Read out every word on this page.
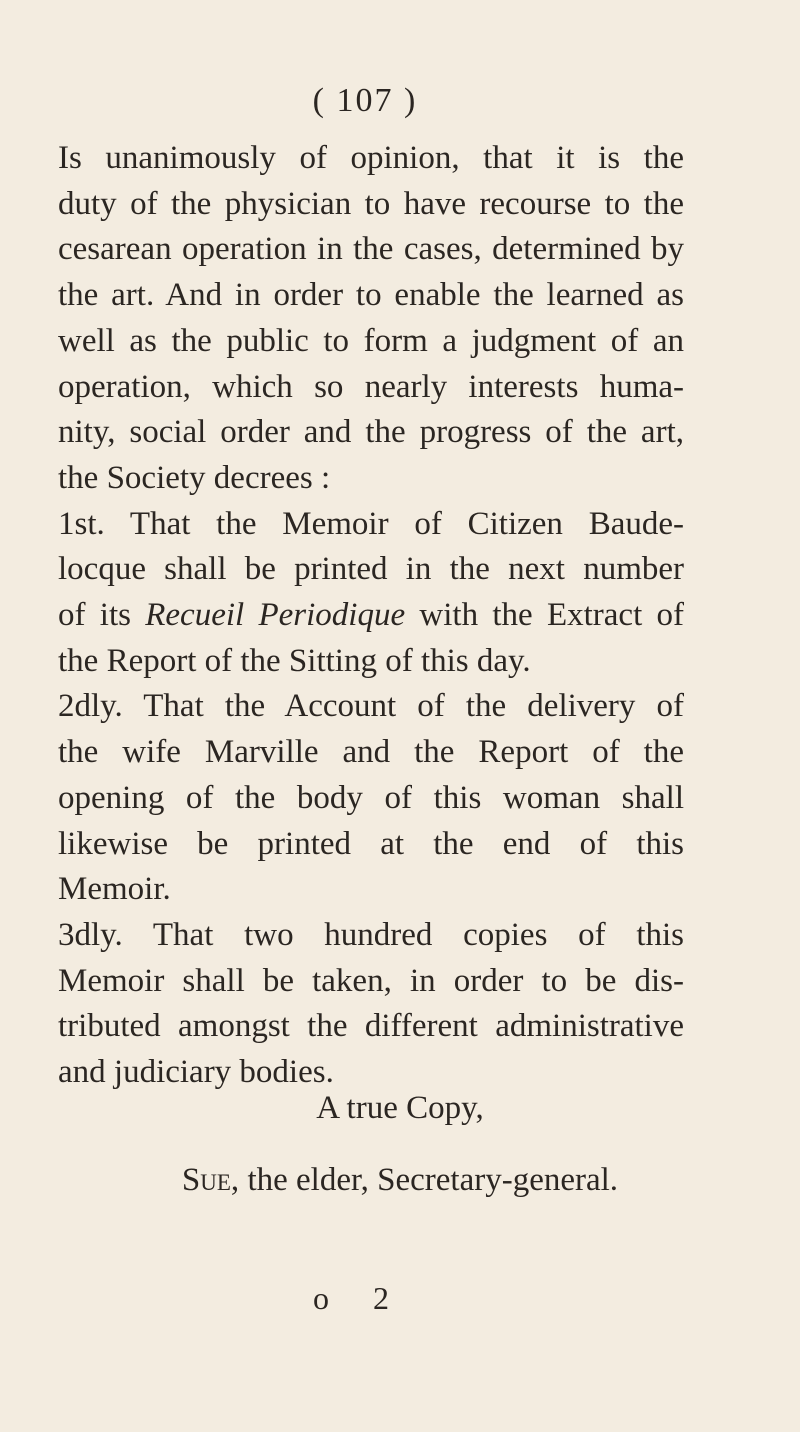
( 107 )
Is unanimously of opinion, that it is the
duty of the physician to have recourse to the
cesarean operation in the cases, determined by
the art. And in order to enable the learned as
well as the public to form a judgment of an
operation, which so nearly interests huma-
nity, social order and the progress of the art,
the Society decrees :
1st. That the Memoir of Citizen Baude-
locque shall be printed in the next number
of its Recueil Periodique with the Extract of
the Report of the Sitting of this day.
2dly. That the Account of the delivery of
the wife Marville and the Report of the
opening of the body of this woman shall
likewise be printed at the end of this
Memoir.
3dly. That two hundred copies of this
Memoir shall be taken, in order to be dis-
tributed amongst the different administrative
and judiciary bodies.
A true Copy,
Sue, the elder, Secretary-general.
o 2
